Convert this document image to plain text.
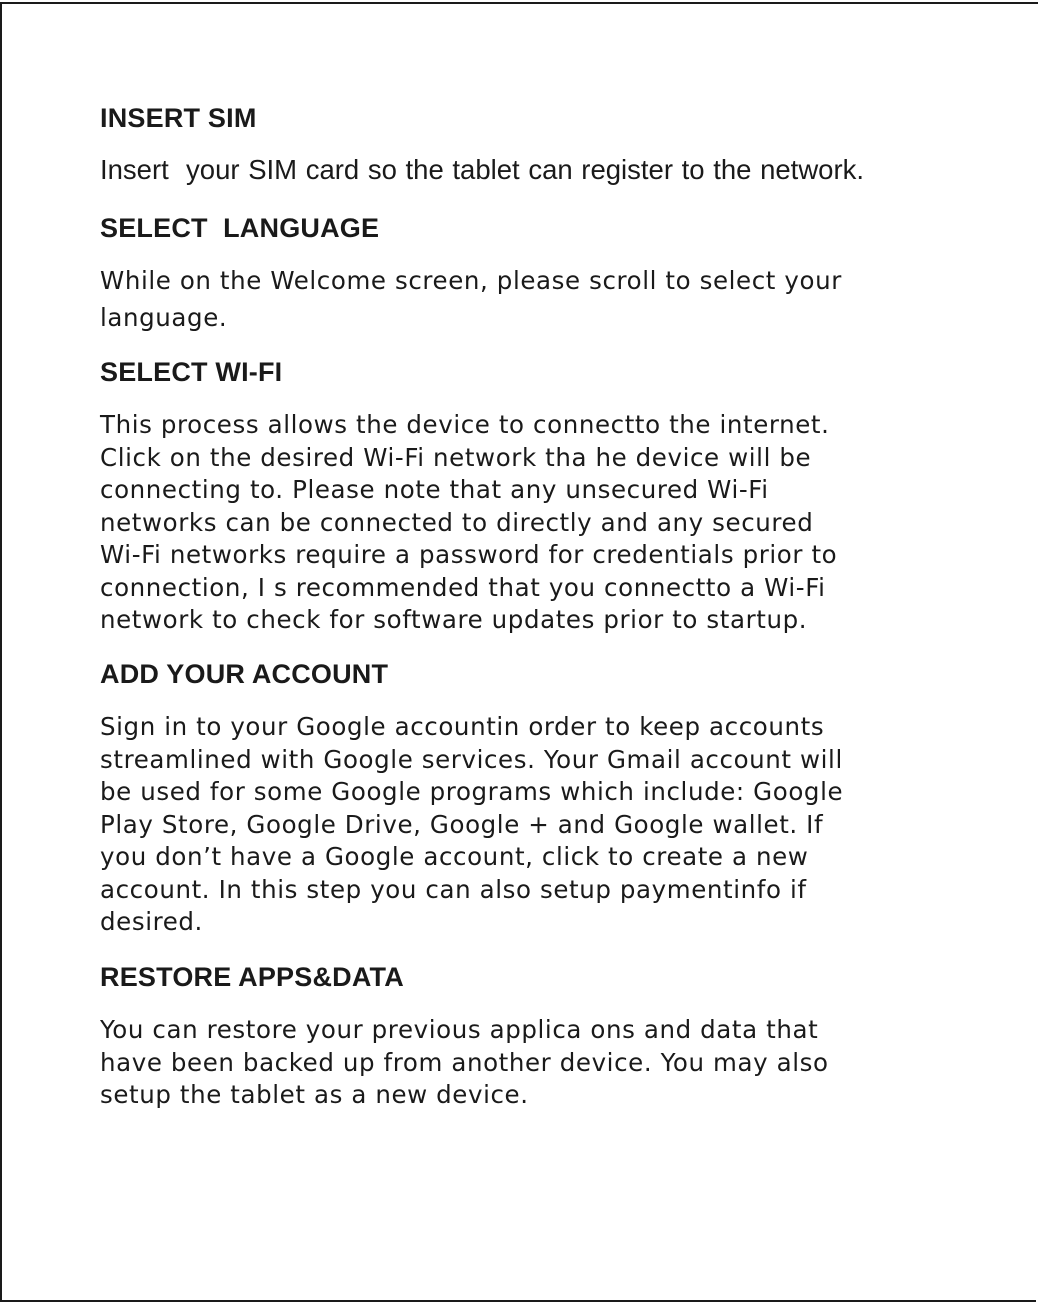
INSERT SIM

Insert  your SIM card so the tablet can register to the network.

SELECT  LANGUAGE

While on the Welcome screen, please scroll to select your

language.

SELECT WI-FI

This process allows the device to connectto the internet.

Click on the desired Wi-Fi network tha he device will be

connecting to. Please note that any unsecured Wi-Fi

networks can be connected to directly and any secured

Wi-Fi networks require a password for credentials prior to

connection, I s recommended that you connectto a Wi-Fi

network to check for software updates prior to startup.

ADD YOUR ACCOUNT

Sign in to your Google accountin order to keep accounts

streamlined with Google services. Your Gmail account will

be used for some Google programs which include: Google

Play Store, Google Drive, Google + and Google wallet. If

you don’t have a Google account, click to create a new

account. In this step you can also setup paymentinfo if

desired.

RESTORE APPS&DATA

You can restore your previous applica ons and data that

have been backed up from another device. You may also

setup the tablet as a new device.
